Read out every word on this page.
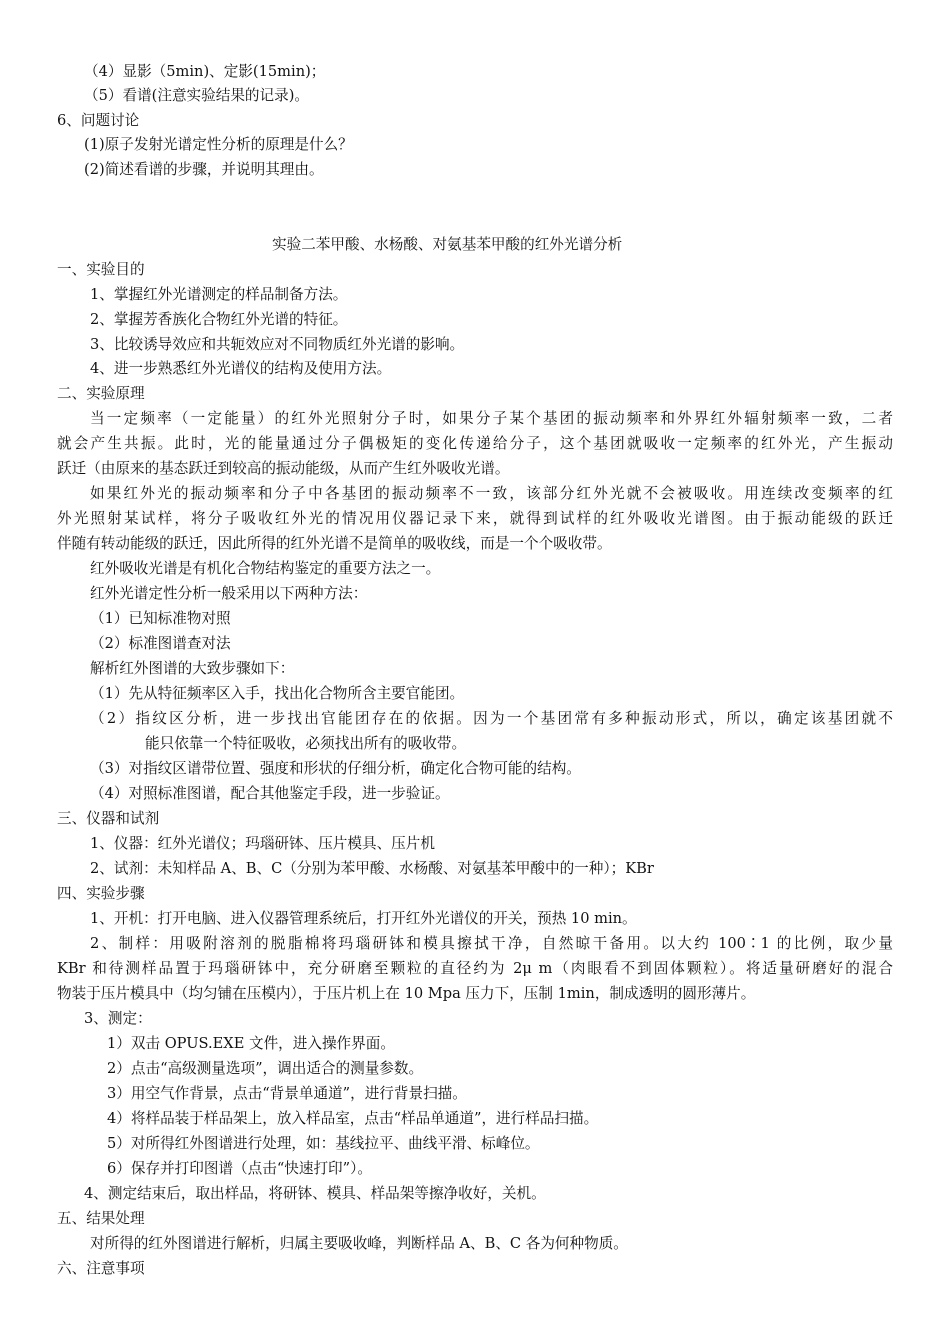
（4）显影（5min)、定影(15min)；
（5）看谱(注意实验结果的记录)。
6、问题讨论
(1)原子发射光谱定性分析的原理是什么？
(2)简述看谱的步骤，并说明其理由。
实验二苯甲酸、水杨酸、对氨基苯甲酸的红外光谱分析
一、实验目的
1、掌握红外光谱测定的样品制备方法。
2、掌握芳香族化合物红外光谱的特征。
3、比较诱导效应和共轭效应对不同物质红外光谱的影响。
4、进一步熟悉红外光谱仪的结构及使用方法。
二、实验原理
当一定频率（一定能量）的红外光照射分子时，如果分子某个基团的振动频率和外界红外辐射频率一致，二者
就会产生共振。此时，光的能量通过分子偶极矩的变化传递给分子，这个基团就吸收一定频率的红外光，产生振动
跃迁（由原来的基态跃迁到较高的振动能级，从而产生红外吸收光谱。
如果红外光的振动频率和分子中各基团的振动频率不一致，该部分红外光就不会被吸收。用连续改变频率的红
外光照射某试样，将分子吸收红外光的情况用仪器记录下来，就得到试样的红外吸收光谱图。由于振动能级的跃迁
伴随有转动能级的跃迁，因此所得的红外光谱不是简单的吸收线，而是一个个吸收带。
红外吸收光谱是有机化合物结构鉴定的重要方法之一。
红外光谱定性分析一般采用以下两种方法：
（1）已知标准物对照
（2）标准图谱查对法
解析红外图谱的大致步骤如下：
（1）先从特征频率区入手，找出化合物所含主要官能团。
（2）指纹区分析，进一步找出官能团存在的依据。因为一个基团常有多种振动形式，所以，确定该基团就不
能只依靠一个特征吸收，必须找出所有的吸收带。
（3）对指纹区谱带位置、强度和形状的仔细分析，确定化合物可能的结构。
（4）对照标准图谱，配合其他鉴定手段，进一步验证。
三、仪器和试剂
1、仪器：红外光谱仪；玛瑙研钵、压片模具、压片机
2、试剂：未知样品 A、B、C（分别为苯甲酸、水杨酸、对氨基苯甲酸中的一种）；KBr
四、实验步骤
1、开机：打开电脑、进入仪器管理系统后，打开红外光谱仪的开关，预热 10 min。
2、制样：用吸附溶剂的脱脂棉将玛瑙研钵和模具擦拭干净，自然晾干备用。以大约 100∶1 的比例，取少量
KBr 和待测样品置于玛瑙研钵中，充分研磨至颗粒的直径约为 2μ m（肉眼看不到固体颗粒）。将适量研磨好的混合
物装于压片模具中（均匀铺在压模内），于压片机上在 10 Mpa 压力下，压制 1min，制成透明的圆形薄片。
3、测定：
1）双击 OPUS.EXE 文件，进入操作界面。
2）点击“高级测量选项”，调出适合的测量参数。
3）用空气作背景，点击“背景单通道”，进行背景扫描。
4）将样品装于样品架上，放入样品室，点击“样品单通道”，进行样品扫描。
5）对所得红外图谱进行处理，如：基线拉平、曲线平滑、标峰位。
6）保存并打印图谱（点击“快速打印”）。
4、测定结束后，取出样品，将研钵、模具、样品架等擦净收好，关机。
五、结果处理
对所得的红外图谱进行解析，归属主要吸收峰，判断样品 A、B、C 各为何种物质。
六、注意事项
